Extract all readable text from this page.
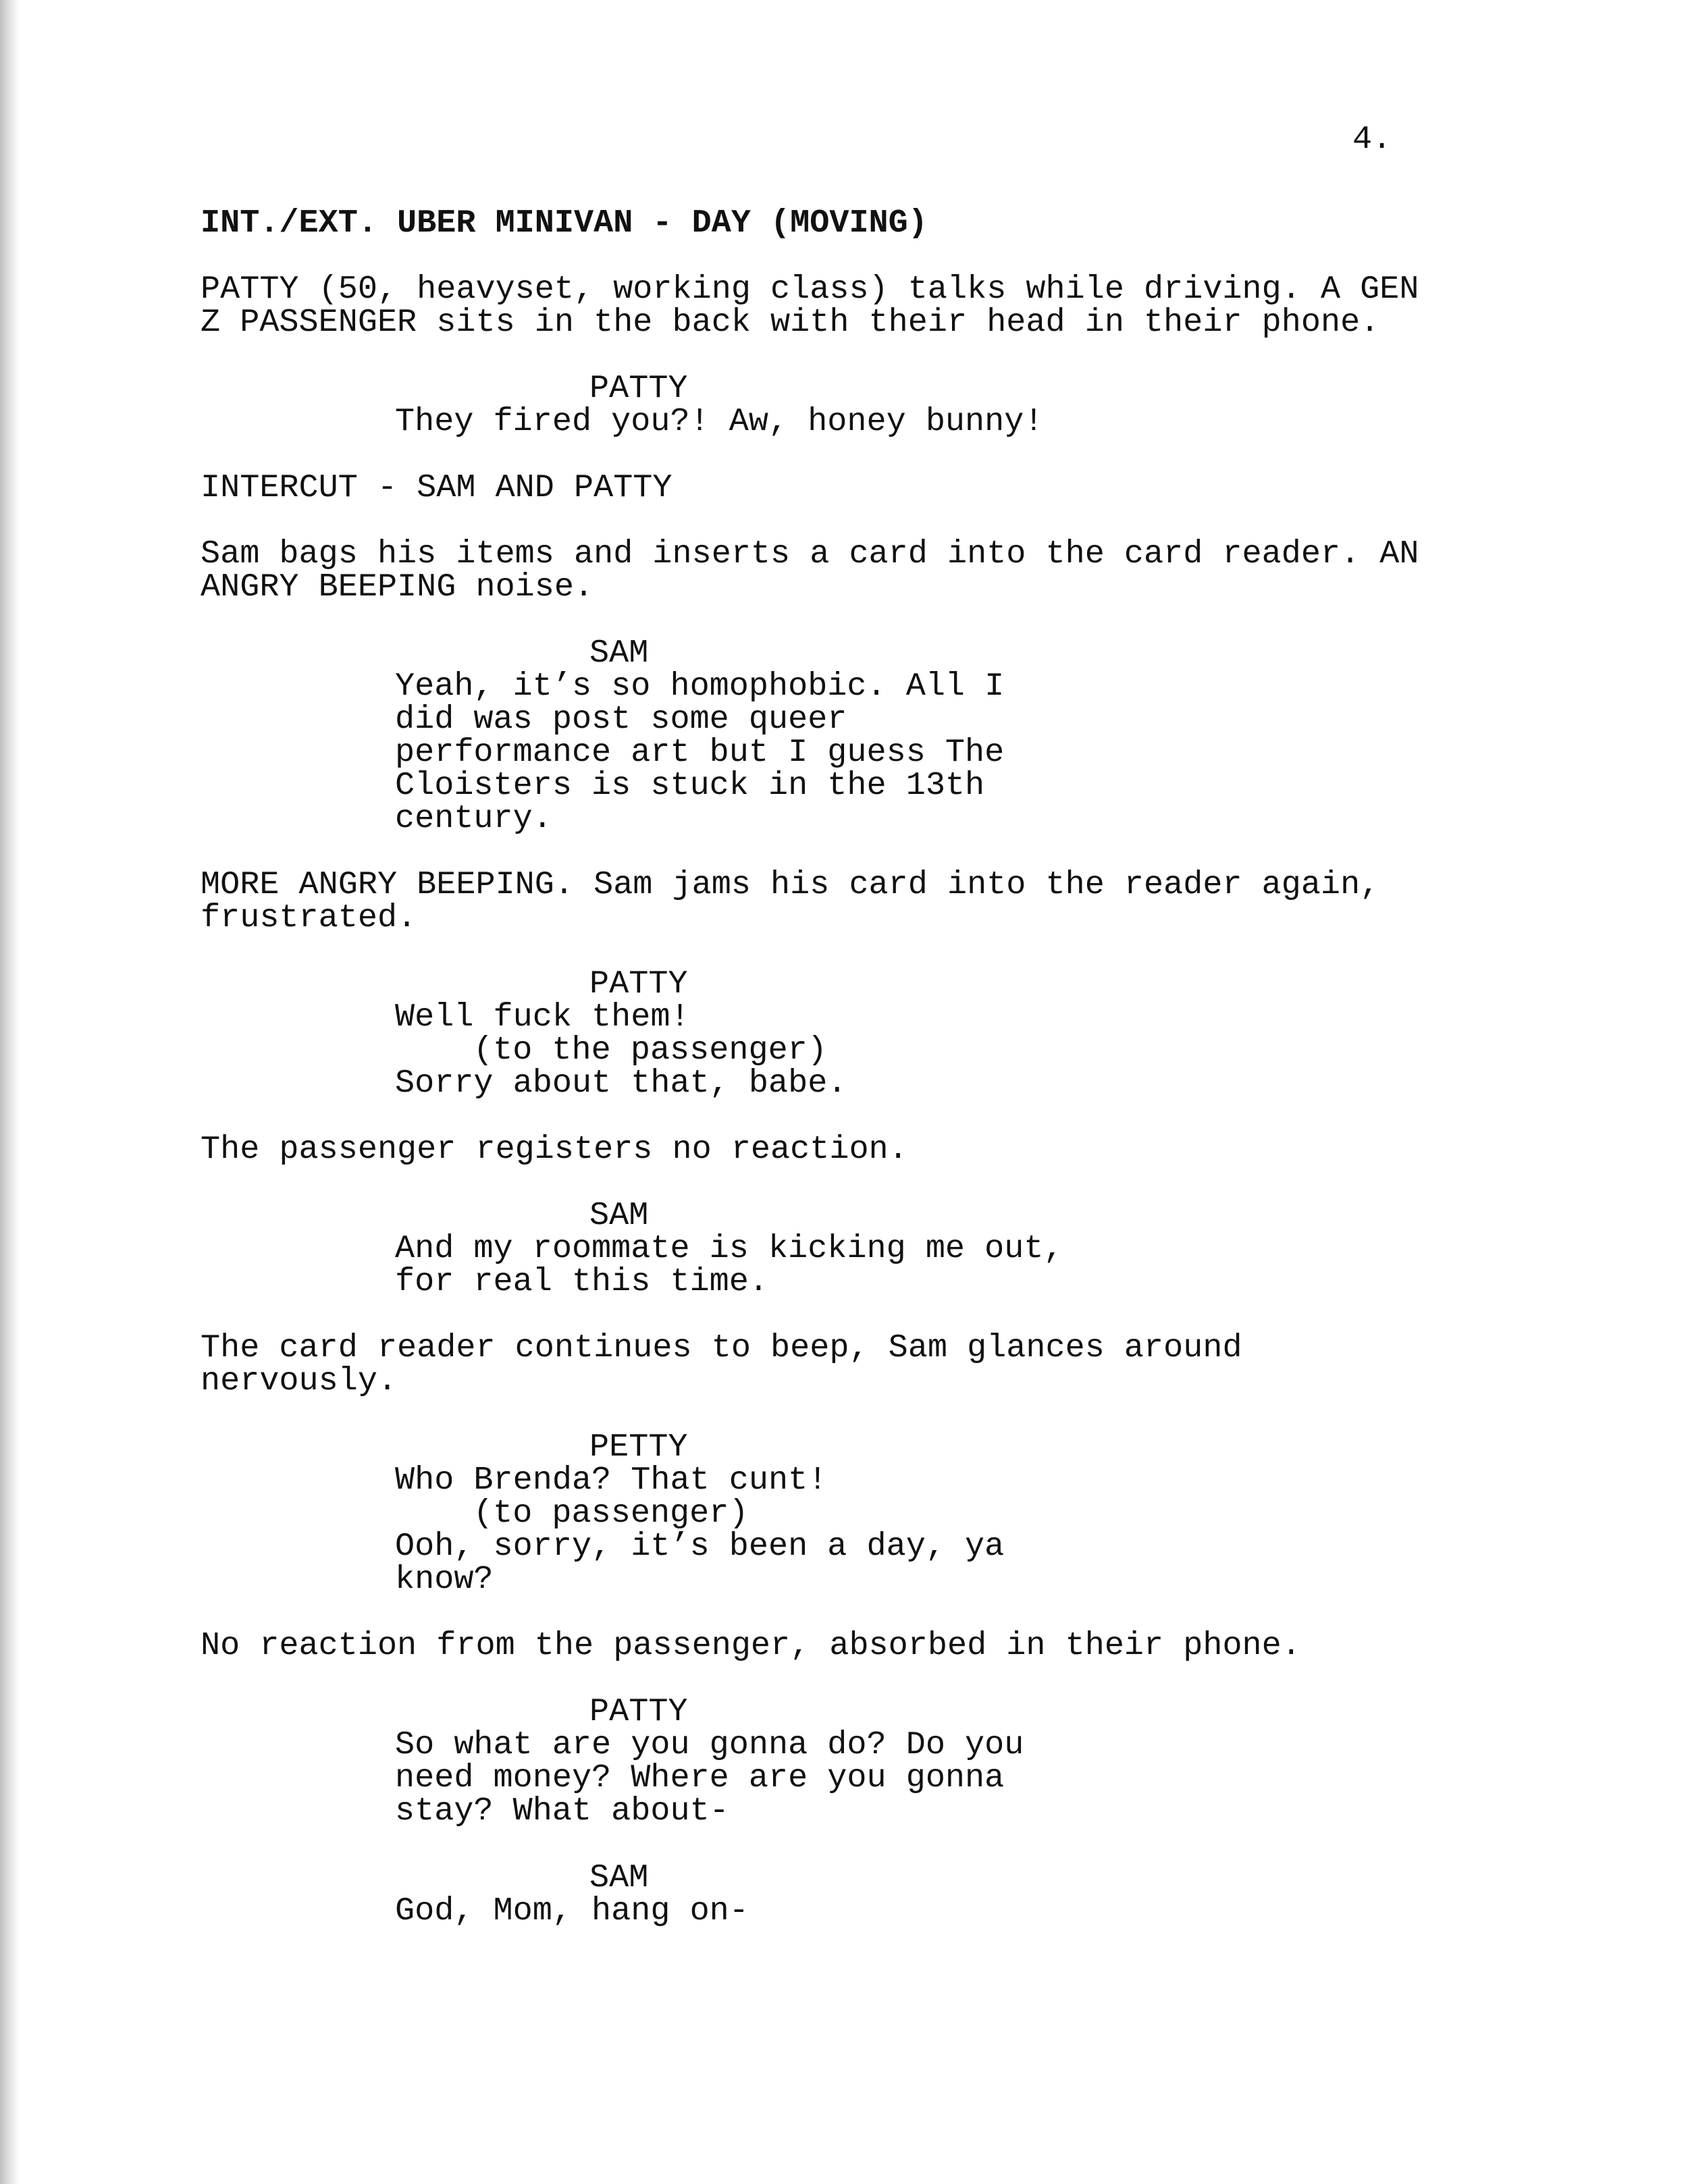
4.
INT./EXT. UBER MINIVAN - DAY (MOVING)
PATTY (50, heavyset, working class) talks while driving. A GEN
Z PASSENGER sits in the back with their head in their phone.
PATTY
They fired you?! Aw, honey bunny!
INTERCUT - SAM AND PATTY
Sam bags his items and inserts a card into the card reader. AN
ANGRY BEEPING noise.
SAM
Yeah, it’s so homophobic. All I
did was post some queer
performance art but I guess The
Cloisters is stuck in the 13th
century.
MORE ANGRY BEEPING. Sam jams his card into the reader again,
frustrated.
PATTY
Well fuck them!
(to the passenger)
Sorry about that, babe.
The passenger registers no reaction.
SAM
And my roommate is kicking me out,
for real this time.
The card reader continues to beep, Sam glances around
nervously.
PETTY
Who Brenda? That cunt!
(to passenger)
Ooh, sorry, it’s been a day, ya
know?
No reaction from the passenger, absorbed in their phone.
PATTY
So what are you gonna do? Do you
need money? Where are you gonna
stay? What about-
SAM
God, Mom, hang on-
